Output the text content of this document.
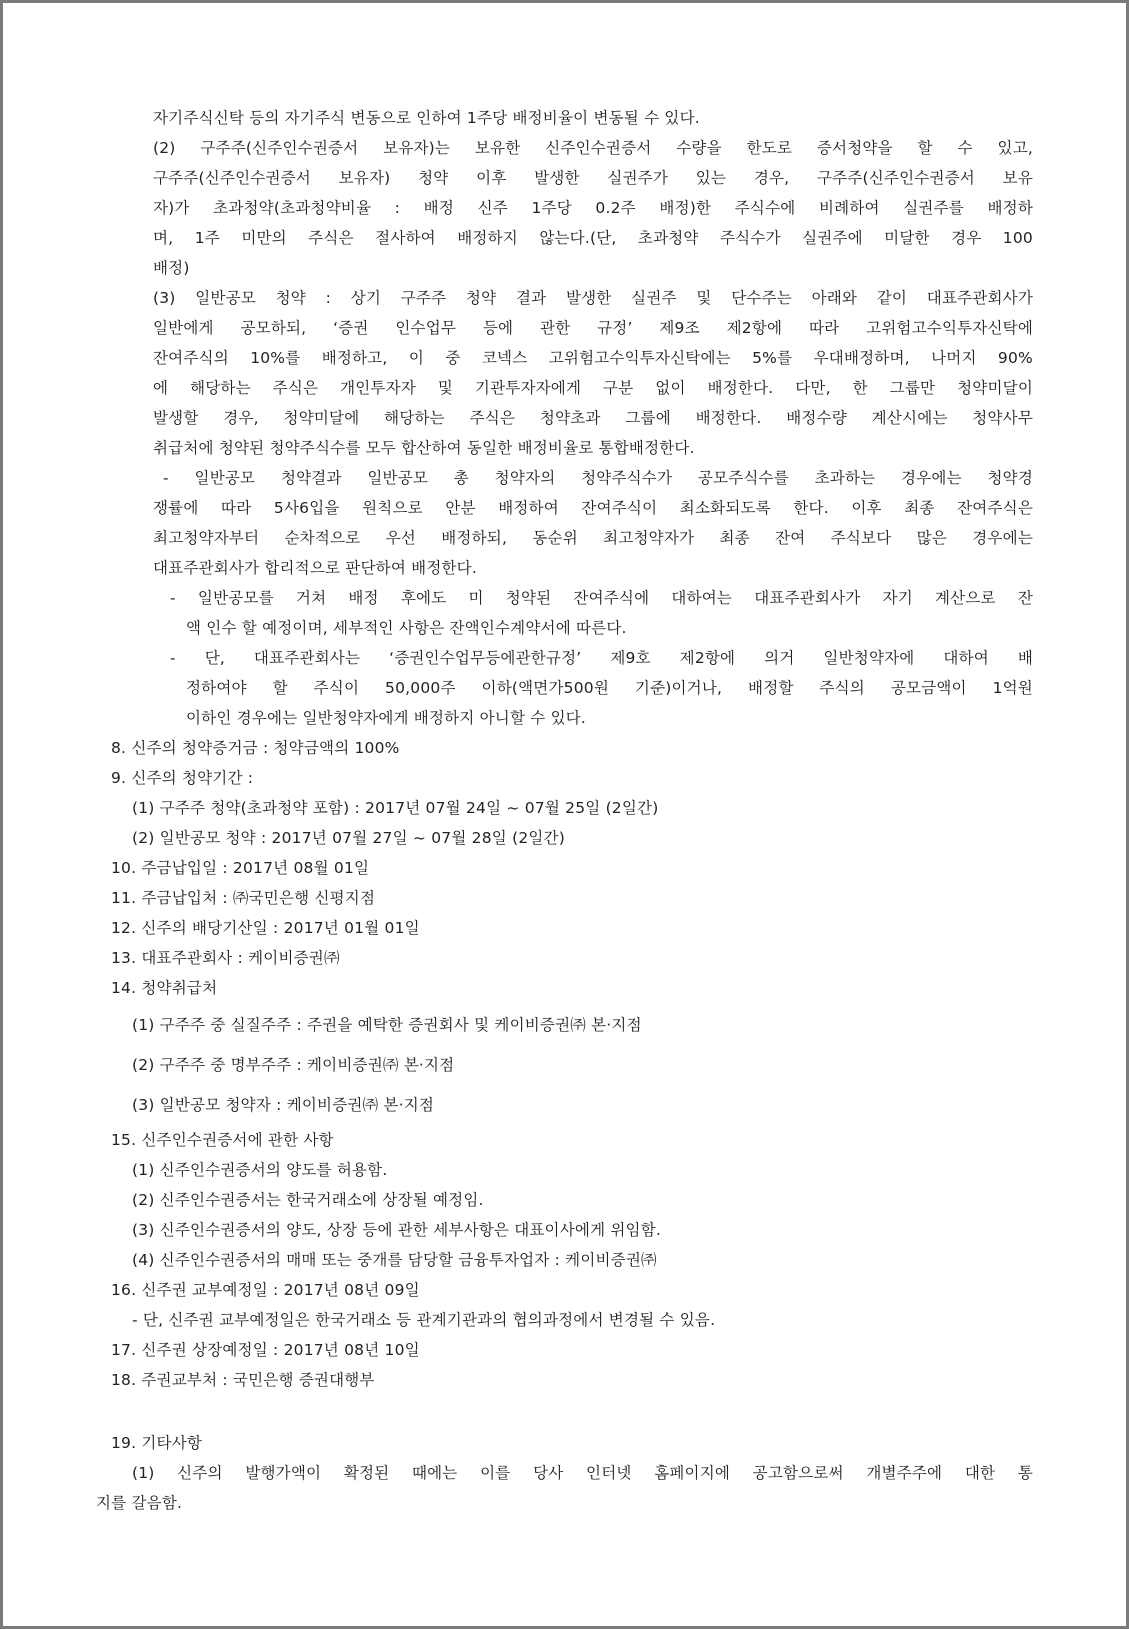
자기주식신탁 등의 자기주식 변동으로 인하여 1주당 배정비율이 변동될 수 있다.
(2) 구주주(신주인수권증서 보유자)는 보유한 신주인수권증서 수량을 한도로 증서청약을 할 수 있고,
구주주(신주인수권증서 보유자) 청약 이후 발생한 실권주가 있는 경우, 구주주(신주인수권증서 보유
자)가 초과청약(초과청약비율 : 배정 신주 1주당 0.2주 배정)한 주식수에 비례하여 실권주를 배정하
며, 1주 미만의 주식은 절사하여 배정하지 않는다.(단, 초과청약 주식수가 실권주에 미달한 경우 100
배정)
(3) 일반공모 청약 : 상기 구주주 청약 결과 발생한 실권주 및 단수주는 아래와 같이 대표주관회사가
일반에게 공모하되, ‘증권 인수업무 등에 관한 규정’ 제9조 제2항에 따라 고위험고수익투자신탁에
잔여주식의 10%를 배정하고, 이 중 코넥스 고위험고수익투자신탁에는 5%를 우대배정하며, 나머지 90%
에 해당하는 주식은 개인투자자 및 기관투자자에게 구분 없이 배정한다. 다만, 한 그룹만 청약미달이
발생할 경우, 청약미달에 해당하는 주식은 청약초과 그룹에 배정한다. 배정수량 계산시에는 청약사무
취급처에 청약된 청약주식수를 모두 합산하여 동일한 배정비율로 통합배정한다.
- 일반공모 청약결과 일반공모 총 청약자의 청약주식수가 공모주식수를 초과하는 경우에는 청약경
쟁률에 따라 5사6입을 원칙으로 안분 배정하여 잔여주식이 최소화되도록 한다. 이후 최종 잔여주식은
최고청약자부터 순차적으로 우선 배정하되, 동순위 최고청약자가 최종 잔여 주식보다 많은 경우에는
대표주관회사가 합리적으로 판단하여 배정한다.
- 일반공모를 거쳐 배정 후에도 미 청약된 잔여주식에 대하여는 대표주관회사가 자기 계산으로 잔
액 인수 할 예정이며, 세부적인 사항은 잔액인수계약서에 따른다.
- 단, 대표주관회사는 ‘증권인수업무등에관한규정’ 제9호 제2항에 의거 일반청약자에 대하여 배
정하여야 할 주식이 50,000주 이하(액면가500원 기준)이거나, 배정할 주식의 공모금액이 1억원
이하인 경우에는 일반청약자에게 배정하지 아니할 수 있다.
8. 신주의 청약증거금 : 청약금액의 100%
9. 신주의 청약기간 :
(1) 구주주 청약(초과청약 포함) : 2017년 07월 24일 ~ 07월 25일 (2일간)
(2) 일반공모 청약 : 2017년 07월 27일 ~ 07월 28일 (2일간)
10. 주금납입일 : 2017년 08월 01일
11. 주금납입처 : ㈜국민은행 신평지점
12. 신주의 배당기산일 : 2017년 01월 01일
13. 대표주관회사 : 케이비증권㈜
14. 청약취급처
(1) 구주주 중 실질주주 : 주권을 예탁한 증권회사 및 케이비증권㈜ 본·지점
(2) 구주주 중 명부주주 : 케이비증권㈜ 본·지점
(3) 일반공모 청약자 : 케이비증권㈜ 본·지점
15. 신주인수권증서에 관한 사항
(1) 신주인수권증서의 양도를 허용함.
(2) 신주인수권증서는 한국거래소에 상장될 예정임.
(3) 신주인수권증서의 양도, 상장 등에 관한 세부사항은 대표이사에게 위임함.
(4) 신주인수권증서의 매매 또는 중개를 담당할 금융투자업자 : 케이비증권㈜
16. 신주권 교부예정일 : 2017년 08년 09일
- 단, 신주권 교부예정일은 한국거래소 등 관계기관과의 협의과정에서 변경될 수 있음.
17. 신주권 상장예정일 : 2017년 08년 10일
18. 주권교부처 : 국민은행 증권대행부
19. 기타사항
(1) 신주의 발행가액이 확정된 때에는 이를 당사 인터넷 홈페이지에 공고함으로써 개별주주에 대한 통
지를 갈음함.
